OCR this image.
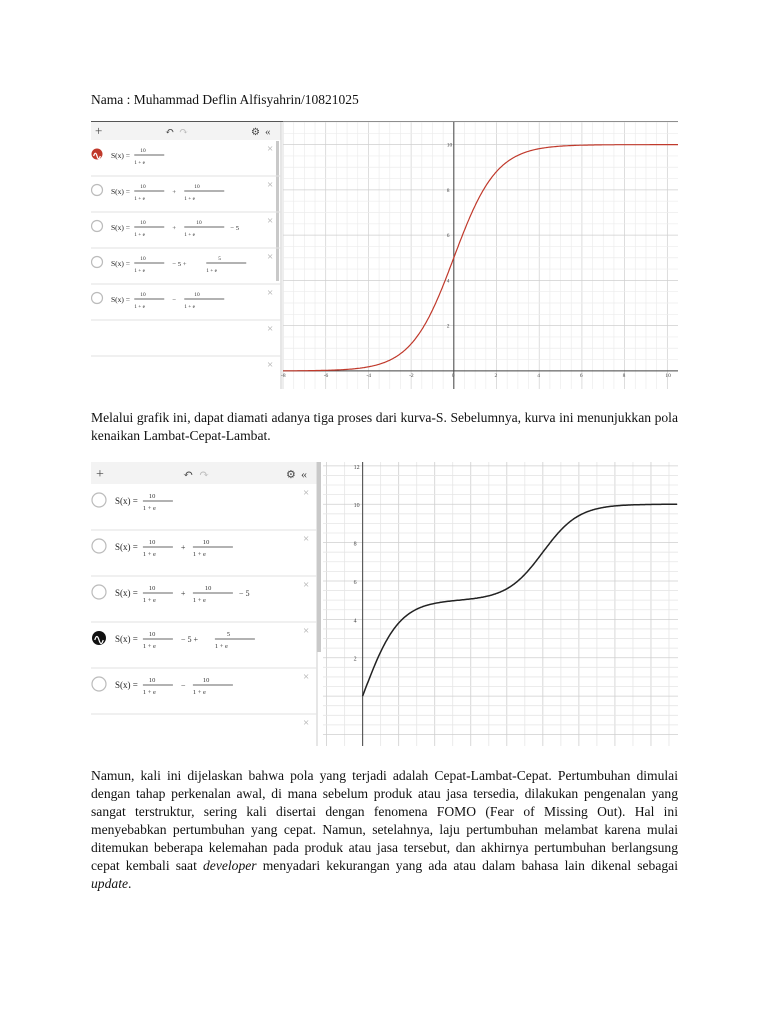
Nama : Muhammad Deflin Alfisyahrin/10821025
+	↶ ↷	⚙ «
S(x) = 10
1 + e
×
S(x) = 10
1 + e
+
10
1 + e
×
S(x) = 10
1 + e
+
10
1 + e
− 5
×
S(x) = 10
1 + e
− 5 +
5
1 + e
×
S(x) = 10
1 + e
−
10
1 + e
×
×
×
10
8
6
4
2
-8	-6	-4	-2	0	2	4	6	8	10

Melalui grafik ini, dapat diamati adanya tiga proses dari kurva-S. Sebelumnya, kurva ini menunjukkan pola kenaikan Lambat-Cepat-Lambat.

+	↶ ↷	⚙ «
S(x) = 10
1 + e
×
S(x) = 10
1 + e
+
10
1 + e
×
S(x) = 10
1 + e
+
10
1 + e
− 5
×
S(x) = 10
1 + e
− 5 +
5
1 + e
×
S(x) = 10
1 + e
−
10
1 + e
×
×
12
10
8
6
4
2

Namun, kali ini dijelaskan bahwa pola yang terjadi adalah Cepat-Lambat-Cepat. Pertumbuhan dimulai dengan tahap perkenalan awal, di mana sebelum produk atau jasa tersedia, dilakukan pengenalan yang sangat terstruktur, sering kali disertai dengan fenomena FOMO (Fear of Missing Out). Hal ini menyebabkan pertumbuhan yang cepat. Namun, setelahnya, laju pertumbuhan melambat karena mulai ditemukan beberapa kelemahan pada produk atau jasa tersebut, dan akhirnya pertumbuhan berlangsung cepat kembali saat developer menyadari kekurangan yang ada atau dalam bahasa lain dikenal sebagai update.
